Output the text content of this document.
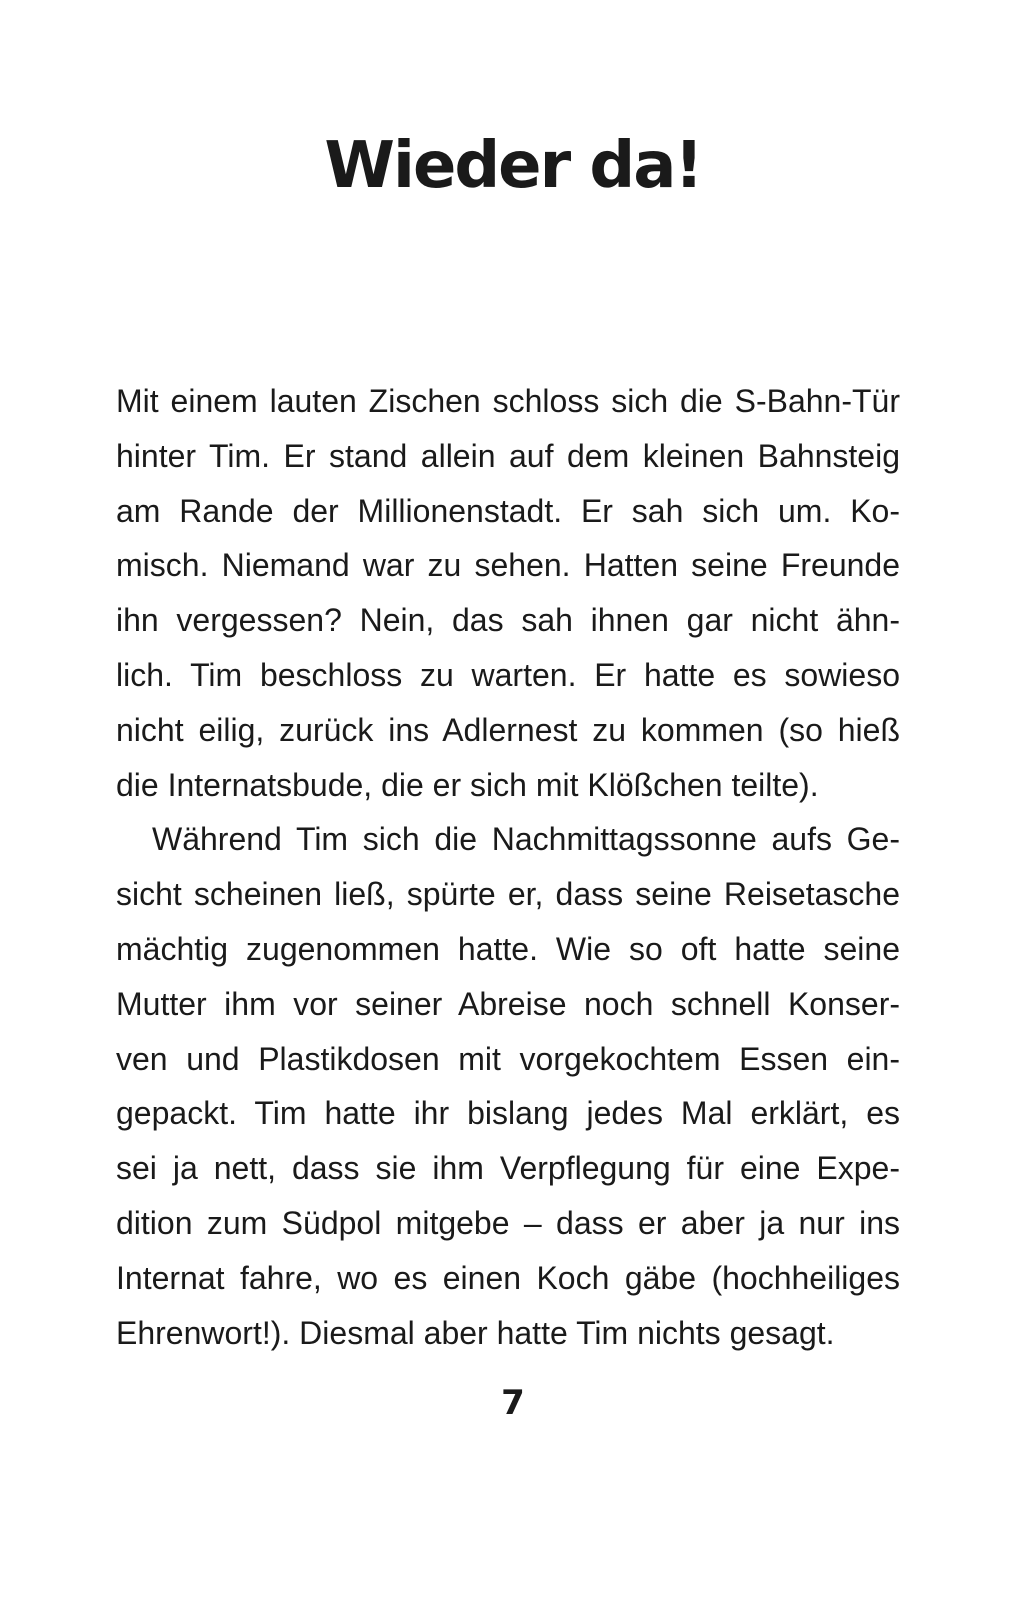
Wieder da!
Mit einem lauten Zischen schloss sich die S-Bahn-Tür
hinter Tim. Er stand allein auf dem kleinen Bahnsteig
am Rande der Millionenstadt. Er sah sich um. Ko-
misch. Niemand war zu sehen. Hatten seine Freunde
ihn vergessen? Nein, das sah ihnen gar nicht ähn-
lich. Tim beschloss zu warten. Er hatte es sowieso
nicht eilig, zurück ins Adlernest zu kommen (so hieß
die Internatsbude, die er sich mit Klößchen teilte).
Während Tim sich die Nachmittagssonne aufs Ge-
sicht scheinen ließ, spürte er, dass seine Reisetasche
mächtig zugenommen hatte. Wie so oft hatte seine
Mutter ihm vor seiner Abreise noch schnell Konser-
ven und Plastikdosen mit vorgekochtem Essen ein-
gepackt. Tim hatte ihr bislang jedes Mal erklärt, es
sei ja nett, dass sie ihm Verpflegung für eine Expe-
dition zum Südpol mitgebe – dass er aber ja nur ins
Internat fahre, wo es einen Koch gäbe (hochheiliges
Ehrenwort!). Diesmal aber hatte Tim nichts gesagt.
7
